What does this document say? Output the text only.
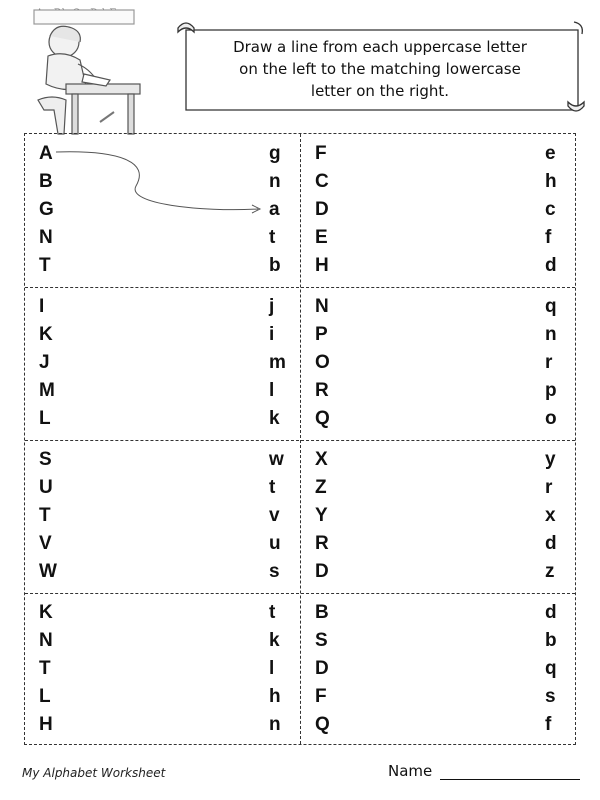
Draw a line from each uppercase letter
on the left to the matching lowercase
letter on the right.
A
B
G
N
T
g
n
a
t
b
F
C
D
E
H
e
h
c
f
d
I
K
J
M
L
j
i
m
l
k
N
P
O
R
Q
q
n
r
p
o
S
U
T
V
W
w
t
v
u
s
X
Z
Y
R
D
y
r
x
d
z
K
N
T
L
H
t
k
l
h
n
B
S
D
F
Q
d
b
q
s
f
My Alphabet Worksheet	Name
